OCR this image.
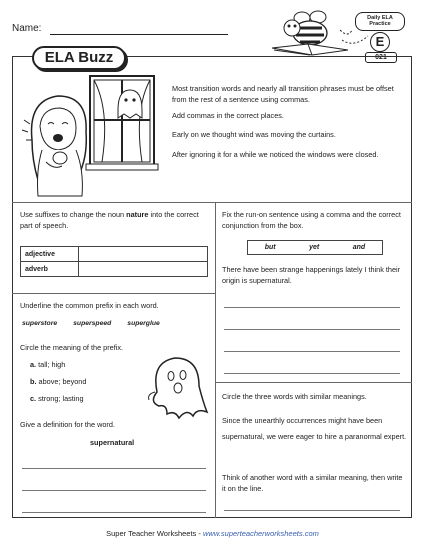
Name:
Daily ELA
Practice
E
021
ELA Buzz

Most transition words and nearly all transition phrases must be offset from the rest of a sentence using commas.

Add commas in the correct places.

Early on we thought wind was moving the curtains.

After ignoring it for a while we noticed the windows were closed.

Use suffixes to change the noun nature into the correct part of speech.
adjective	
adverb	
Fix the run-on sentence using a comma and the correct conjunction from the box.
but	yet	and
There have been strange happenings lately I think their origin is supernatural.
Underline the common prefix in each word.
superstore superspeed superglue
Circle the meaning of the prefix.
a. tall; high
b. above; beyond
c. strong; lasting
Give a definition for the word.
supernatural
Circle the three words with similar meanings.
Since the unearthly occurrences might have been supernatural, we were eager to hire a paranormal expert.
Think of another word with a similar meaning, then write it on the line.
Super Teacher Worksheets - www.superteacherworksheets.com
